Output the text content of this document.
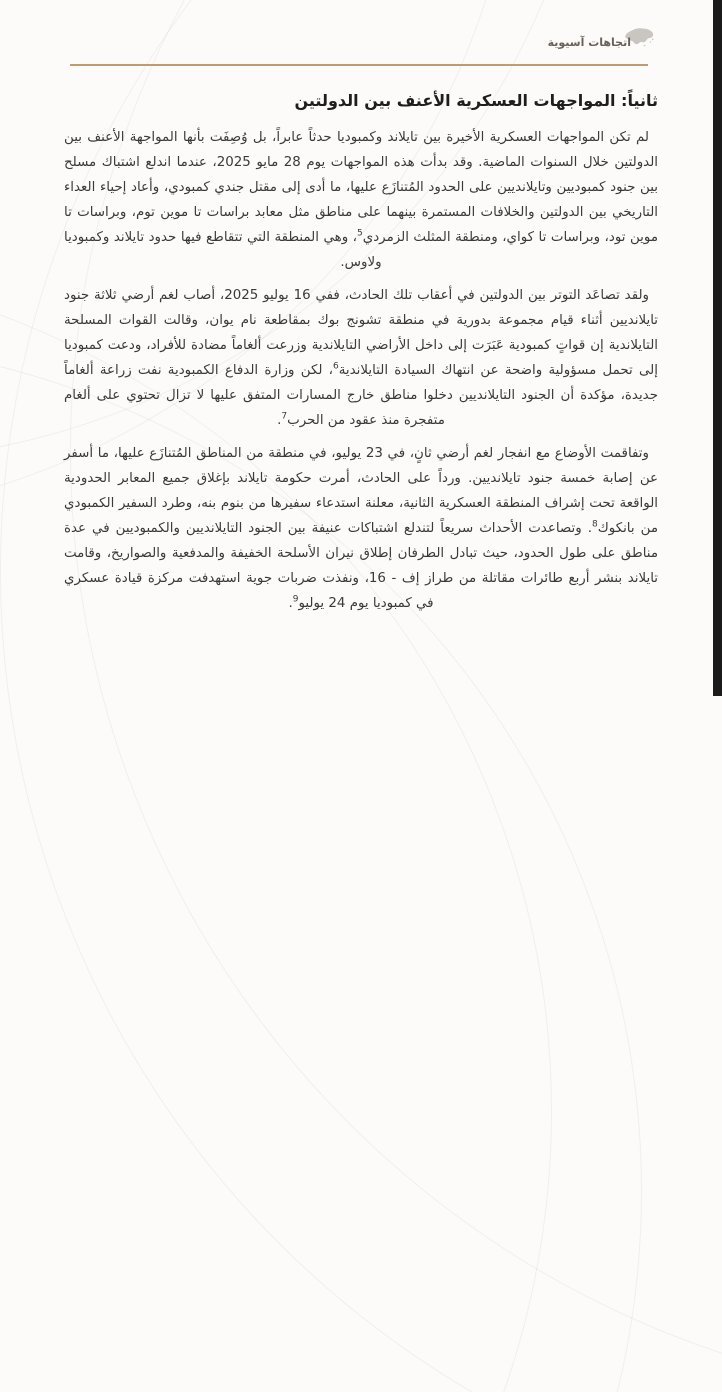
اتجاهات آسيوية
ثانياً: المواجهات العسكرية الأعنف بين الدولتين

لم تكن المواجهات العسكرية الأخيرة بين تايلاند وكمبوديا حدثاً عابراً، بل وُصِفَت بأنها المواجهة الأعنف بين الدولتين خلال السنوات الماضية. وقد بدأت هذه المواجهات يوم 28 مايو 2025، عندما اندلع اشتباك مسلح بين جنود كمبوديين وتايلانديين على الحدود المُتنازَع عليها، ما أدى إلى مقتل جندي كمبودي، وأعاد إحياء العداء التاريخي بين الدولتين والخلافات المستمرة بينهما على مناطق مثل معابد براسات تا موين توم، وبراسات تا موين تود، وبراسات تا كواي، ومنطقة المثلث الزمردي$^5$، وهي المنطقة التي تتقاطع فيها حدود تايلاند وكمبوديا ولاوس.

ولقد تصاعَد التوتر بين الدولتين في أعقاب تلك الحادث، ففي 16 يوليو 2025، أصاب لغم أرضي ثلاثة جنود تايلانديين أثناء قيام مجموعة بدورية في منطقة تشونج بوك بمقاطعة نام يوان، وقالت القوات المسلحة التايلاندية إن قواتٍ كمبودية عَبَرَت إلى داخل الأراضي التايلاندية وزرعت ألغاماً مضادة للأفراد، ودعت كمبوديا إلى تحمل مسؤولية واضحة عن انتهاك السيادة التايلاندية$^6$، لكن وزارة الدفاع الكمبودية نفت زراعة ألغاماً جديدة، مؤكدة أن الجنود التايلانديين دخلوا مناطق خارج المسارات المتفق عليها لا تزال تحتوي على ألغام متفجرة منذ عقود من الحرب$^7$.

وتفاقمت الأوضاع مع انفجار لغم أرضي ثانٍ، في 23 يوليو، في منطقة من المناطق المُتنازَع عليها، ما أسفر عن إصابة خمسة جنود تايلانديين. ورداً على الحادث، أمرت حكومة تايلاند بإغلاق جميع المعابر الحدودية الواقعة تحت إشراف المنطقة العسكرية الثانية، معلنة استدعاء سفيرها من بنوم بنه، وطرد السفير الكمبودي من بانكوك$^8$. وتصاعدت الأحداث سريعاً لتندلع اشتباكات عنيفة بين الجنود التايلانديين والكمبوديين في عدة مناطق على طول الحدود، حيث تبادل الطرفان إطلاق نيران الأسلحة الخفيفة والمدفعية والصواريخ، وقامت تايلاند بنشر أربع طائرات مقاتلة من طراز إف - 16، ونفذت ضربات جوية استهدفت مركزة قيادة عسكري في كمبوديا يوم 24 يوليو$^9$.
